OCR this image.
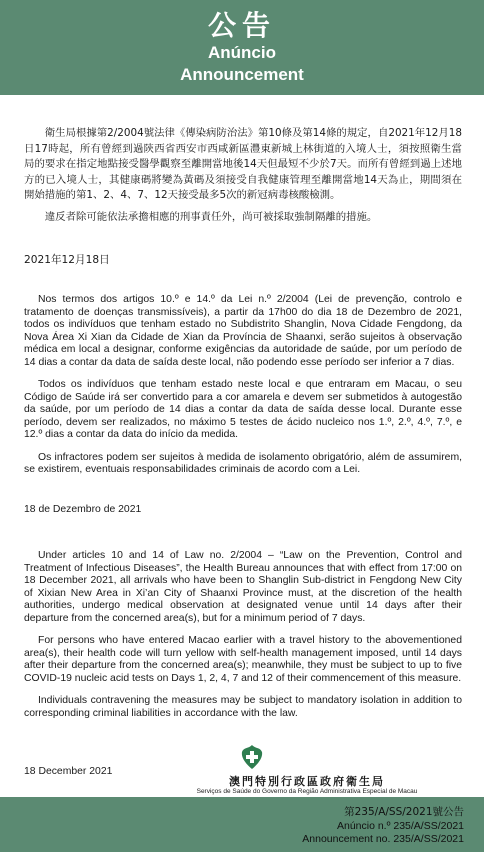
公告
Anúncio
Announcement

衛生局根據第2/2004號法律《傳染病防治法》第10條及第14條的規定，自2021年12月18日17時起，所有曾經到過陝西省西安市西咸新區灃東新城上林街道的入境人士，須按照衛生當局的要求在指定地點接受醫學觀察至離開當地後14天但最短不少於7天。而所有曾經到過上述地方的已入境人士，其健康碼將變為黃碼及須接受自我健康管理至離開當地14天為止，期間須在開始措施的第1、2、4、7、12天接受最多5次的新冠病毒核酸檢測。

違反者除可能依法承擔相應的刑事責任外，尚可被採取強制隔離的措施。

2021年12月18日

Nos termos dos artigos 10.º e 14.º da Lei n.º 2/2004 (Lei de prevenção, controlo e tratamento de doenças transmissíveis), a partir da 17h00 do dia 18 de Dezembro de 2021, todos os indivíduos que tenham estado no Subdistrito Shanglin, Nova Cidade Fengdong, da Nova Área Xi Xian da Cidade de Xian da Província de Shaanxi, serão sujeitos à observação médica em local a designar, conforme exigências da autoridade de saúde, por um período de 14 dias a contar da data de saída deste local, não podendo esse período ser inferior a 7 dias.

Todos os indivíduos que tenham estado neste local e que entraram em Macau, o seu Código de Saúde irá ser convertido para a cor amarela e devem ser submetidos à autogestão da saúde, por um período de 14 dias a contar da data de saída desse local. Durante esse período, devem ser realizados, no máximo 5 testes de ácido nucleico nos 1.º, 2.º, 4.º, 7.º, e 12.º dias a contar da data do início da medida.

Os infractores podem ser sujeitos à medida de isolamento obrigatório, além de assumirem, se existirem, eventuais responsabilidades criminais de acordo com a Lei.

18 de Dezembro de 2021

Under articles 10 and 14 of Law no. 2/2004 – “Law on the Prevention, Control and Treatment of Infectious Diseases”, the Health Bureau announces that with effect from 17:00 on 18 December 2021, all arrivals who have been to Shanglin Sub-district in Fengdong New City of Xixian New Area in Xi’an City of Shaanxi Province must, at the discretion of the health authorities, undergo medical observation at designated venue until 14 days after their departure from the concerned area(s), but for a minimum period of 7 days.

For persons who have entered Macao earlier with a travel history to the abovementioned area(s), their health code will turn yellow with self-health management imposed, until 14 days after their departure from the concerned area(s); meanwhile, they must be subject to up to five COVID-19 nucleic acid tests on Days 1, 2, 4, 7 and 12 of their commencement of this measure.

Individuals contravening the measures may be subject to mandatory isolation in addition to corresponding criminal liabilities in accordance with the law.

18 December 2021
澳門特別行政區政府衛生局
Serviços de Saúde do Governo da Região Administrativa Especial de Macau
第235/A/SS/2021號公告
Anúncio n.º 235/A/SS/2021
Announcement no. 235/A/SS/2021
